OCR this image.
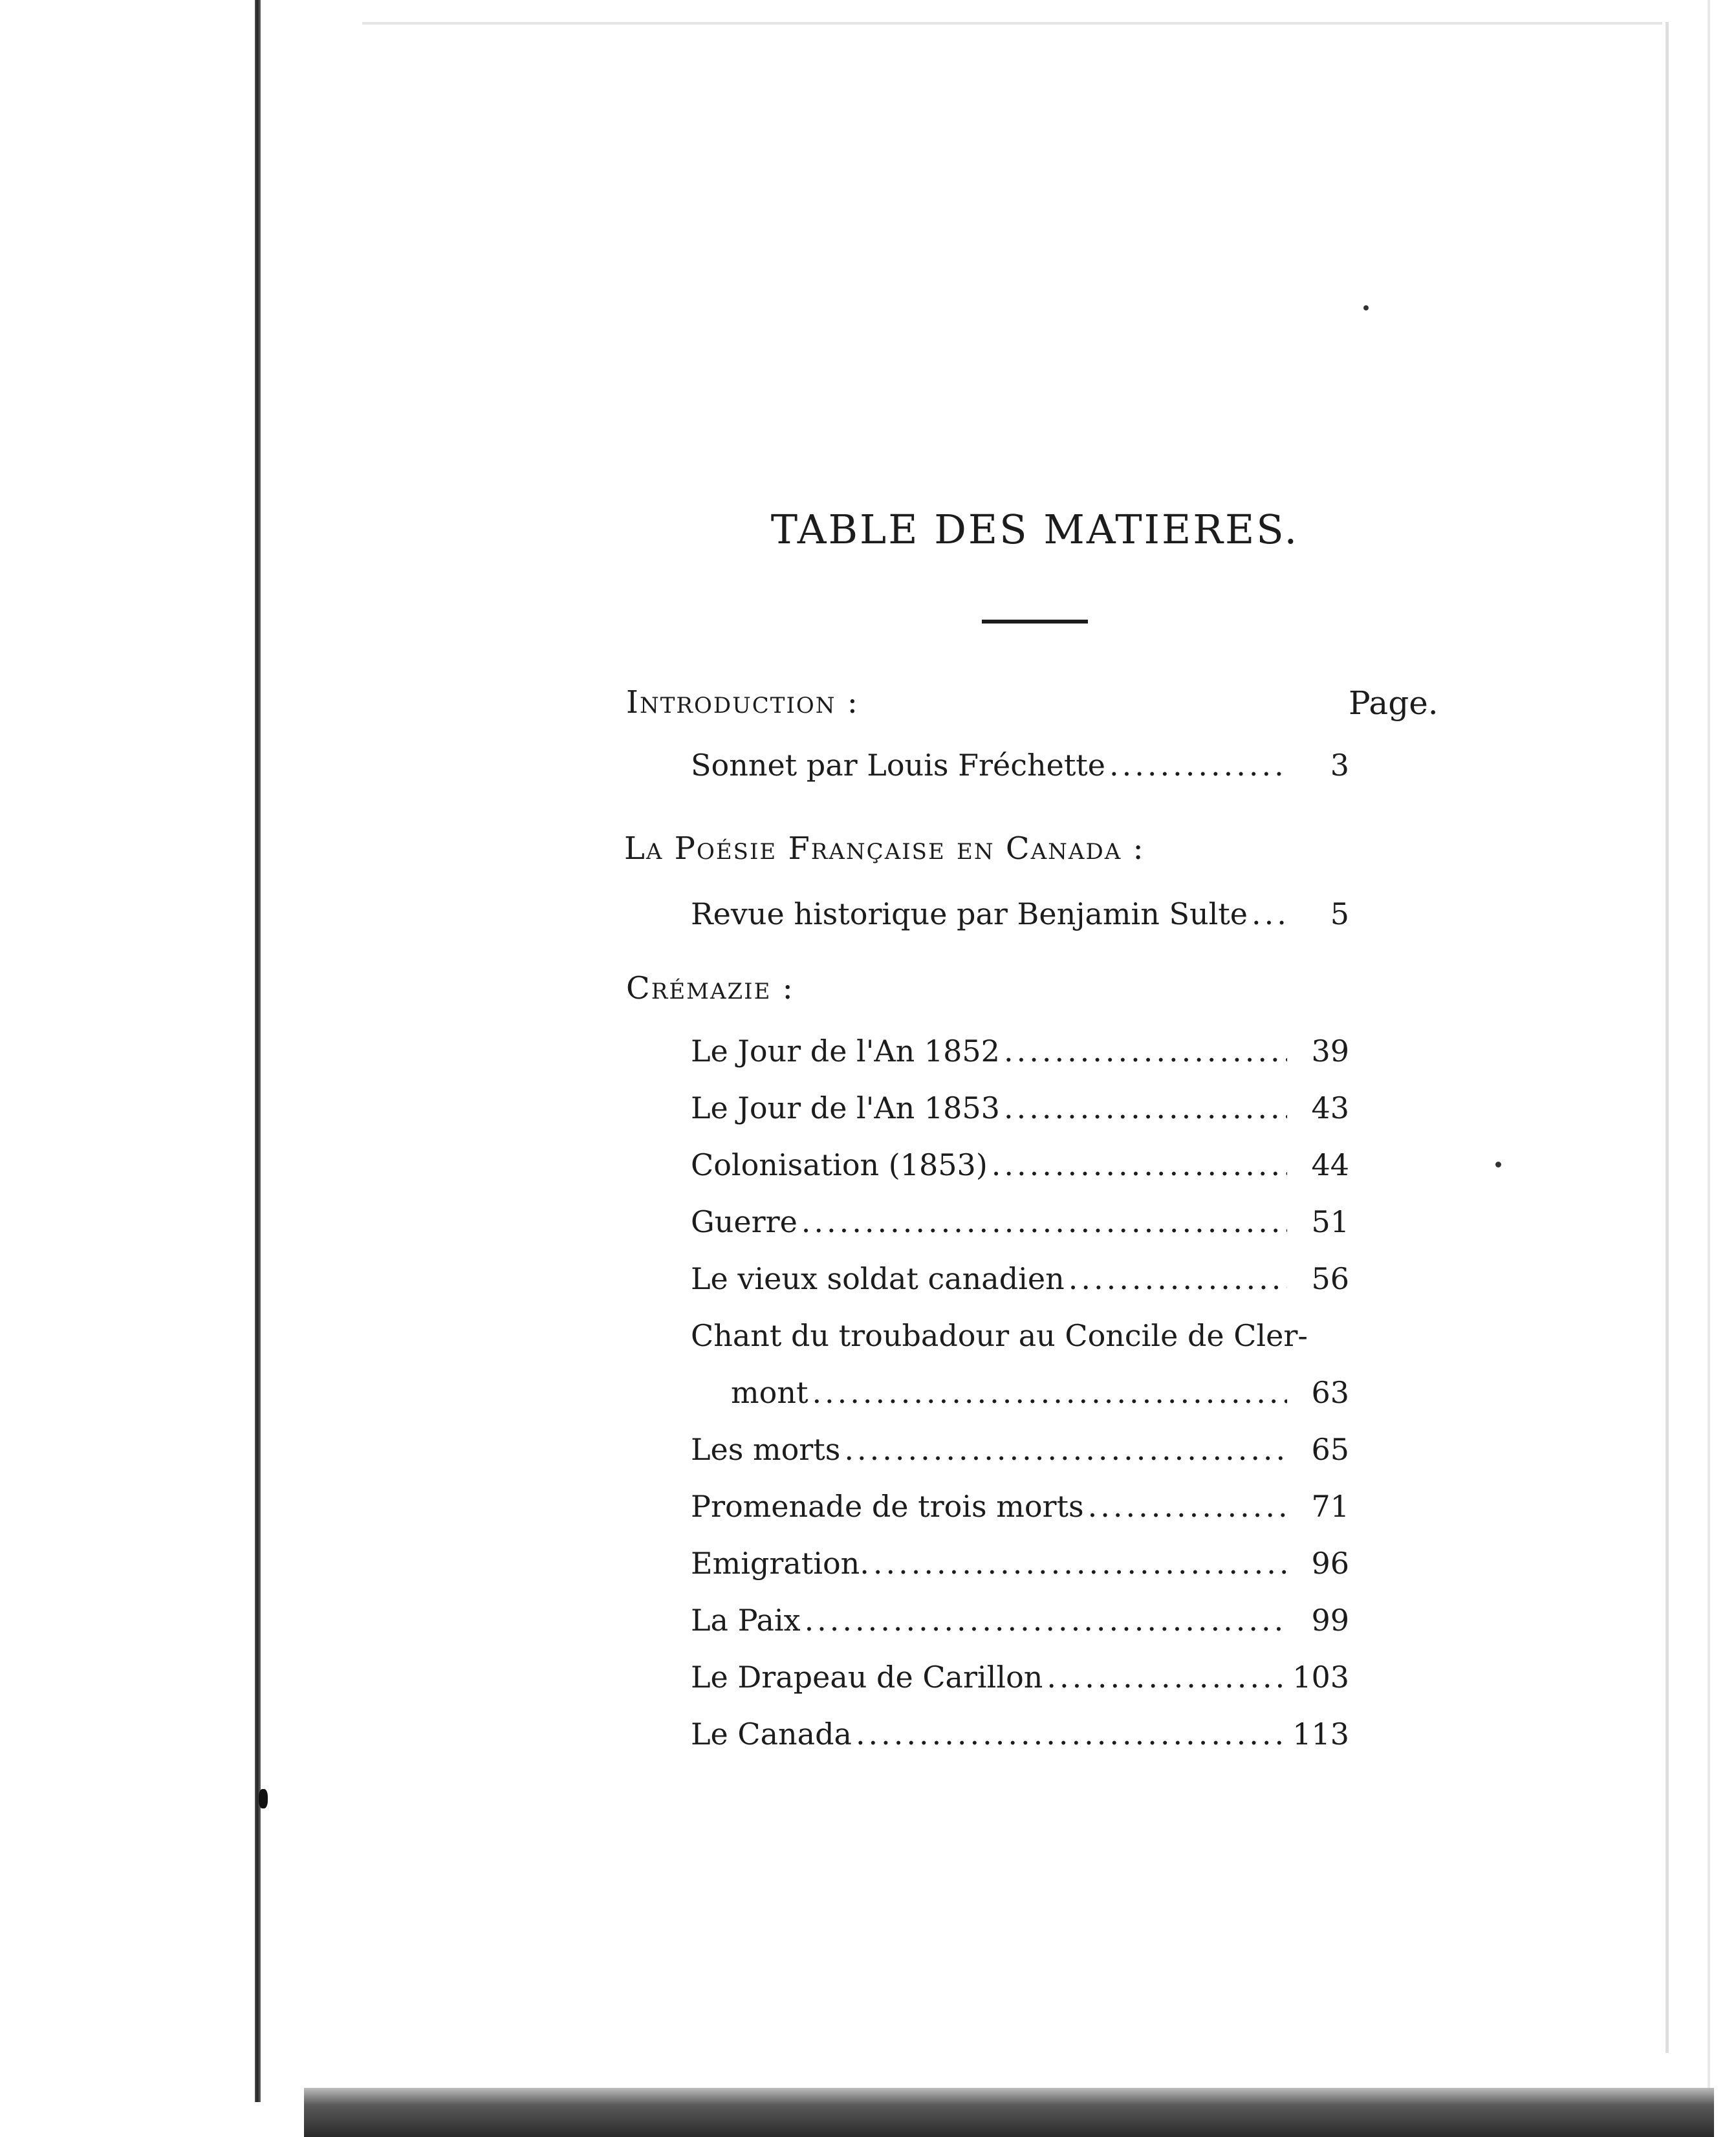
TABLE DES MATIERES.
Introduction :	Page.
Sonnet par Louis Fréchette .....	3
La Poésie Française en Canada :
Revue historique par Benjamin Sulte .....	5
Crémazie :
Le Jour de l'An 1852 .....	39
Le Jour de l'An 1853 .....	43
Colonisation (1853) .....	44
Guerre .....	51
Le vieux soldat canadien .....	56
Chant du troubadour au Concile de Cler-
mont .....	63
Les morts .....	65
Promenade de trois morts .....	71
Emigration. .....	96
La Paix .....	99
Le Drapeau de Carillon .....	103
Le Canada .....	113
